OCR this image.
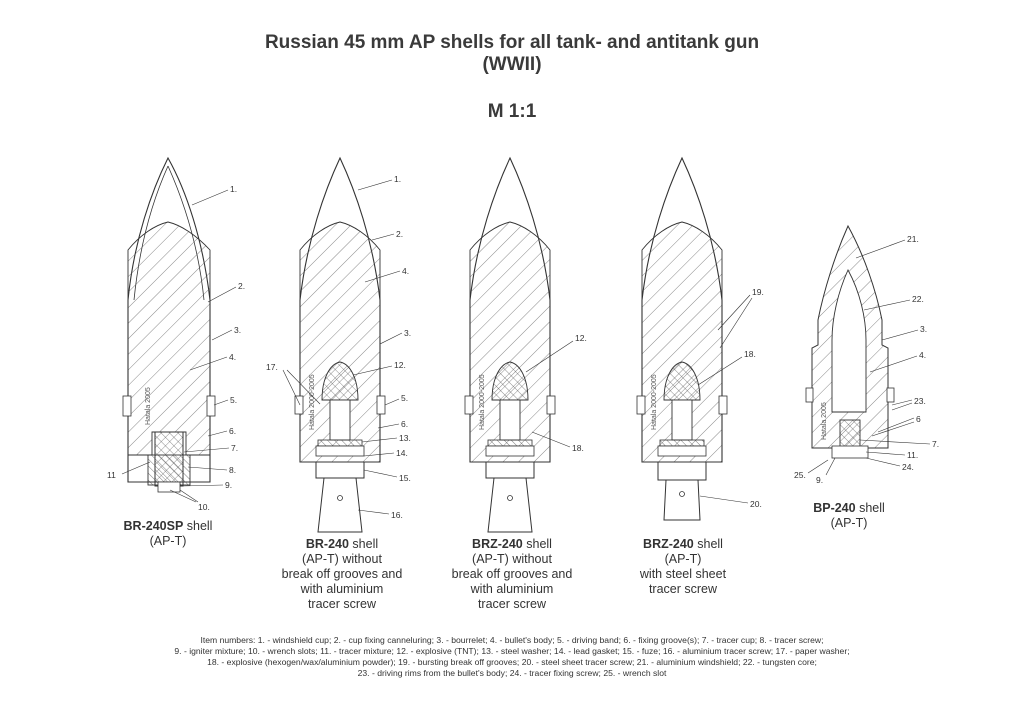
Russian 45 mm AP shells for all tank- and antitank gun
(WWII)
M 1:1
Hatala 2005
1.
2.
3.
4.
5.
6.
7.
8.
9.
10.
11
Hatala 2000-2005
1.
2.
4.
3.
12.
5.
6.
13.
14.
15.
16.
17.
Hatala 2000-2005
12.
18.
Hatala 2000-2005
19.
18.
20.
Hatala 2005
21.
22.
3.
4.
23.
6
7.
11.
24.
9.
25.
BR-240SP shell
(AP-T)	BR-240 shell
(AP-T) without
break off grooves and
with aluminium
tracer screw
BRZ-240 shell
(AP-T) without
break off grooves and
with aluminium
tracer screw
BRZ-240 shell
(AP-T)
with steel sheet
tracer screw
BP-240 shell
(AP-T)

Item numbers: 1. - windshield cup; 2. - cup fixing canneluring; 3. - bourrelet; 4. - bullet's body; 5. - driving band; 6. - fixing groove(s); 7. - tracer cup; 8. - tracer screw;

9. - igniter mixture; 10. - wrench slots; 11. - tracer mixture; 12. - explosive (TNT); 13. - steel washer; 14. - lead gasket; 15. - fuze; 16. - aluminium tracer screw; 17. - paper washer;

18. - explosive (hexogen/wax/aluminium powder); 19. - bursting break off grooves; 20. - steel sheet tracer screw; 21. - aluminium windshield; 22. - tungsten core;

23. - driving rims from the bullet's body; 24. - tracer fixing screw; 25. - wrench slot
